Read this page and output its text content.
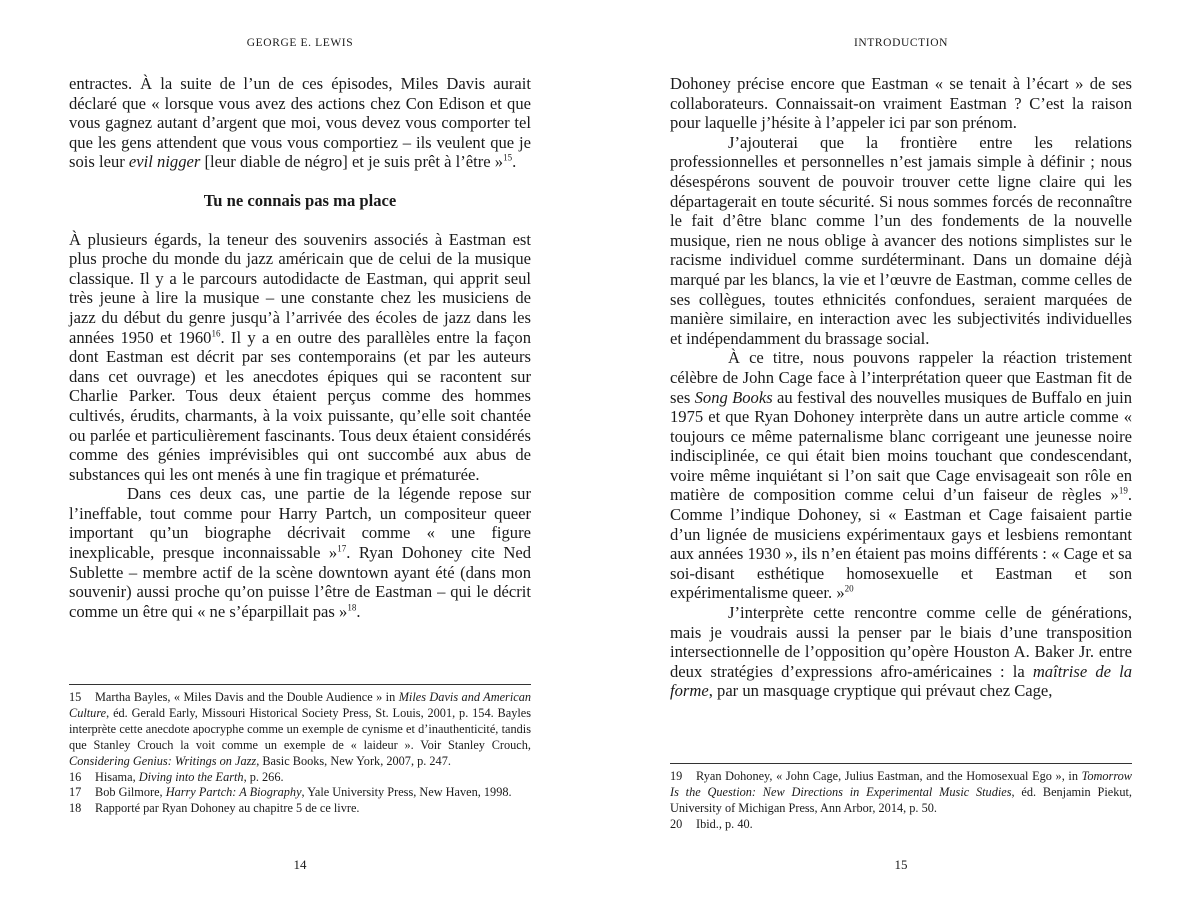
GEORGE E. LEWIS

entractes. À la suite de l’un de ces épisodes, Miles Davis aurait déclaré que « lorsque vous avez des actions chez Con Edison et que vous gagnez autant d’argent que moi, vous devez vous comporter tel que les gens attendent que vous vous comportiez – ils veulent que je sois leur evil nigger [leur diable de négro] et je suis prêt à l’être »$^{15}$.

Tu ne connais pas ma place

À plusieurs égards, la teneur des souvenirs associés à Eastman est plus proche du monde du jazz américain que de celui de la musique classique. Il y a le parcours autodidacte de Eastman, qui apprit seul très jeune à lire la musique – une constante chez les musiciens de jazz du début du genre jusqu’à l’arrivée des écoles de jazz dans les années 1950 et 1960$^{16}$. Il y a en outre des parallèles entre la façon dont Eastman est décrit par ses contemporains (et par les auteurs dans cet ouvrage) et les anecdotes épiques qui se racontent sur Charlie Parker. Tous deux étaient perçus comme des hommes cultivés, érudits, charmants, à la voix puissante, qu’elle soit chantée ou parlée et particulièrement fascinants. Tous deux étaient considérés comme des génies imprévisibles qui ont succombé aux abus de substances qui les ont menés à une fin tragique et prématurée.

Dans ces deux cas, une partie de la légende repose sur l’ineffable, tout comme pour Harry Partch, un compositeur queer important qu’un biographe décrivait comme « une figure inexplicable, presque inconnaissable »$^{17}$. Ryan Dohoney cite Ned Sublette – membre actif de la scène downtown ayant été (dans mon souvenir) aussi proche qu’on puisse l’être de Eastman – qui le décrit comme un être qui « ne s’éparpillait pas »$^{18}$.

15 Martha Bayles, « Miles Davis and the Double Audience » in Miles Davis and American Culture, éd. Gerald Early, Missouri Historical Society Press, St. Louis, 2001, p. 154. Bayles interprète cette anecdote apocryphe comme un exemple de cynisme et d’inauthenticité, tandis que Stanley Crouch la voit comme un exemple de « laideur ». Voir Stanley Crouch, Considering Genius: Writings on Jazz, Basic Books, New York, 2007, p. 247.

16 Hisama, Diving into the Earth, p. 266.

17 Bob Gilmore, Harry Partch: A Biography, Yale University Press, New Haven, 1998.

18 Rapporté par Ryan Dohoney au chapitre 5 de ce livre.

14
INTRODUCTION

Dohoney précise encore que Eastman « se tenait à l’écart » de ses collaborateurs. Connaissait-on vraiment Eastman ? C’est la raison pour laquelle j’hésite à l’appeler ici par son prénom.

J’ajouterai que la frontière entre les relations professionnelles et personnelles n’est jamais simple à définir ; nous désespérons souvent de pouvoir trouver cette ligne claire qui les départagerait en toute sécurité. Si nous sommes forcés de reconnaître le fait d’être blanc comme l’un des fondements de la nouvelle musique, rien ne nous oblige à avancer des notions simplistes sur le racisme individuel comme surdéterminant. Dans un domaine déjà marqué par les blancs, la vie et l’œuvre de Eastman, comme celles de ses collègues, toutes ethnicités confondues, seraient marquées de manière similaire, en interaction avec les subjectivités individuelles et indépendamment du brassage social.

À ce titre, nous pouvons rappeler la réaction tristement célèbre de John Cage face à l’interprétation queer que Eastman fit de ses Song Books au festival des nouvelles musiques de Buffalo en juin 1975 et que Ryan Dohoney interprète dans un autre article comme « toujours ce même paternalisme blanc corrigeant une jeunesse noire indisciplinée, ce qui était bien moins touchant que condescendant, voire même inquiétant si l’on sait que Cage envisageait son rôle en matière de composition comme celui d’un faiseur de règles »$^{19}$. Comme l’indique Dohoney, si « Eastman et Cage faisaient partie d’un lignée de musiciens expérimentaux gays et lesbiens remontant aux années 1930 », ils n’en étaient pas moins différents : « Cage et sa soi-disant esthétique homosexuelle et Eastman et son expérimentalisme queer. »$^{20}$

J’interprète cette rencontre comme celle de générations, mais je voudrais aussi la penser par le biais d’une transposition intersectionnelle de l’opposition qu’opère Houston A. Baker Jr. entre deux stratégies d’expressions afro-américaines : la maîtrise de la forme, par un masquage cryptique qui prévaut chez Cage,

19 Ryan Dohoney, « John Cage, Julius Eastman, and the Homosexual Ego », in Tomorrow Is the Question: New Directions in Experimental Music Studies, éd. Benjamin Piekut, University of Michigan Press, Ann Arbor, 2014, p. 50.

20 Ibid., p. 40.

15
